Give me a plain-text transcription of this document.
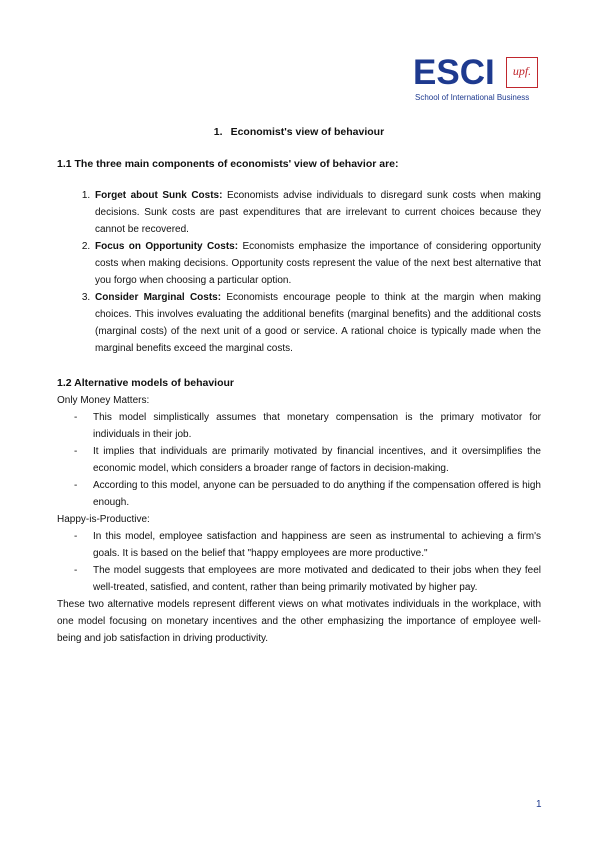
ESCI	upf.
School of International Business

1. Economist's view of behaviour

1.1 The three main components of economists' view of behavior are:

1. Forget about Sunk Costs: Economists advise individuals to disregard sunk costs when making decisions. Sunk costs are past expenditures that are irrelevant to current choices because they cannot be recovered.
2. Focus on Opportunity Costs: Economists emphasize the importance of considering opportunity costs when making decisions. Opportunity costs represent the value of the next best alternative that you forgo when choosing a particular option.
3. Consider Marginal Costs: Economists encourage people to think at the margin when making choices. This involves evaluating the additional benefits (marginal benefits) and the additional costs (marginal costs) of the next unit of a good or service. A rational choice is typically made when the marginal benefits exceed the marginal costs.

1.2 Alternative models of behaviour

Only Money Matters:

- This model simplistically assumes that monetary compensation is the primary motivator for individuals in their job.
- It implies that individuals are primarily motivated by financial incentives, and it oversimplifies the economic model, which considers a broader range of factors in decision-making.
- According to this model, anyone can be persuaded to do anything if the compensation offered is high enough.

Happy-is-Productive:

- In this model, employee satisfaction and happiness are seen as instrumental to achieving a firm's goals. It is based on the belief that "happy employees are more productive."
- The model suggests that employees are more motivated and dedicated to their jobs when they feel well-treated, satisfied, and content, rather than being primarily motivated by higher pay.

These two alternative models represent different views on what motivates individuals in the workplace, with one model focusing on monetary incentives and the other emphasizing the importance of employee well-being and job satisfaction in driving productivity.

1
